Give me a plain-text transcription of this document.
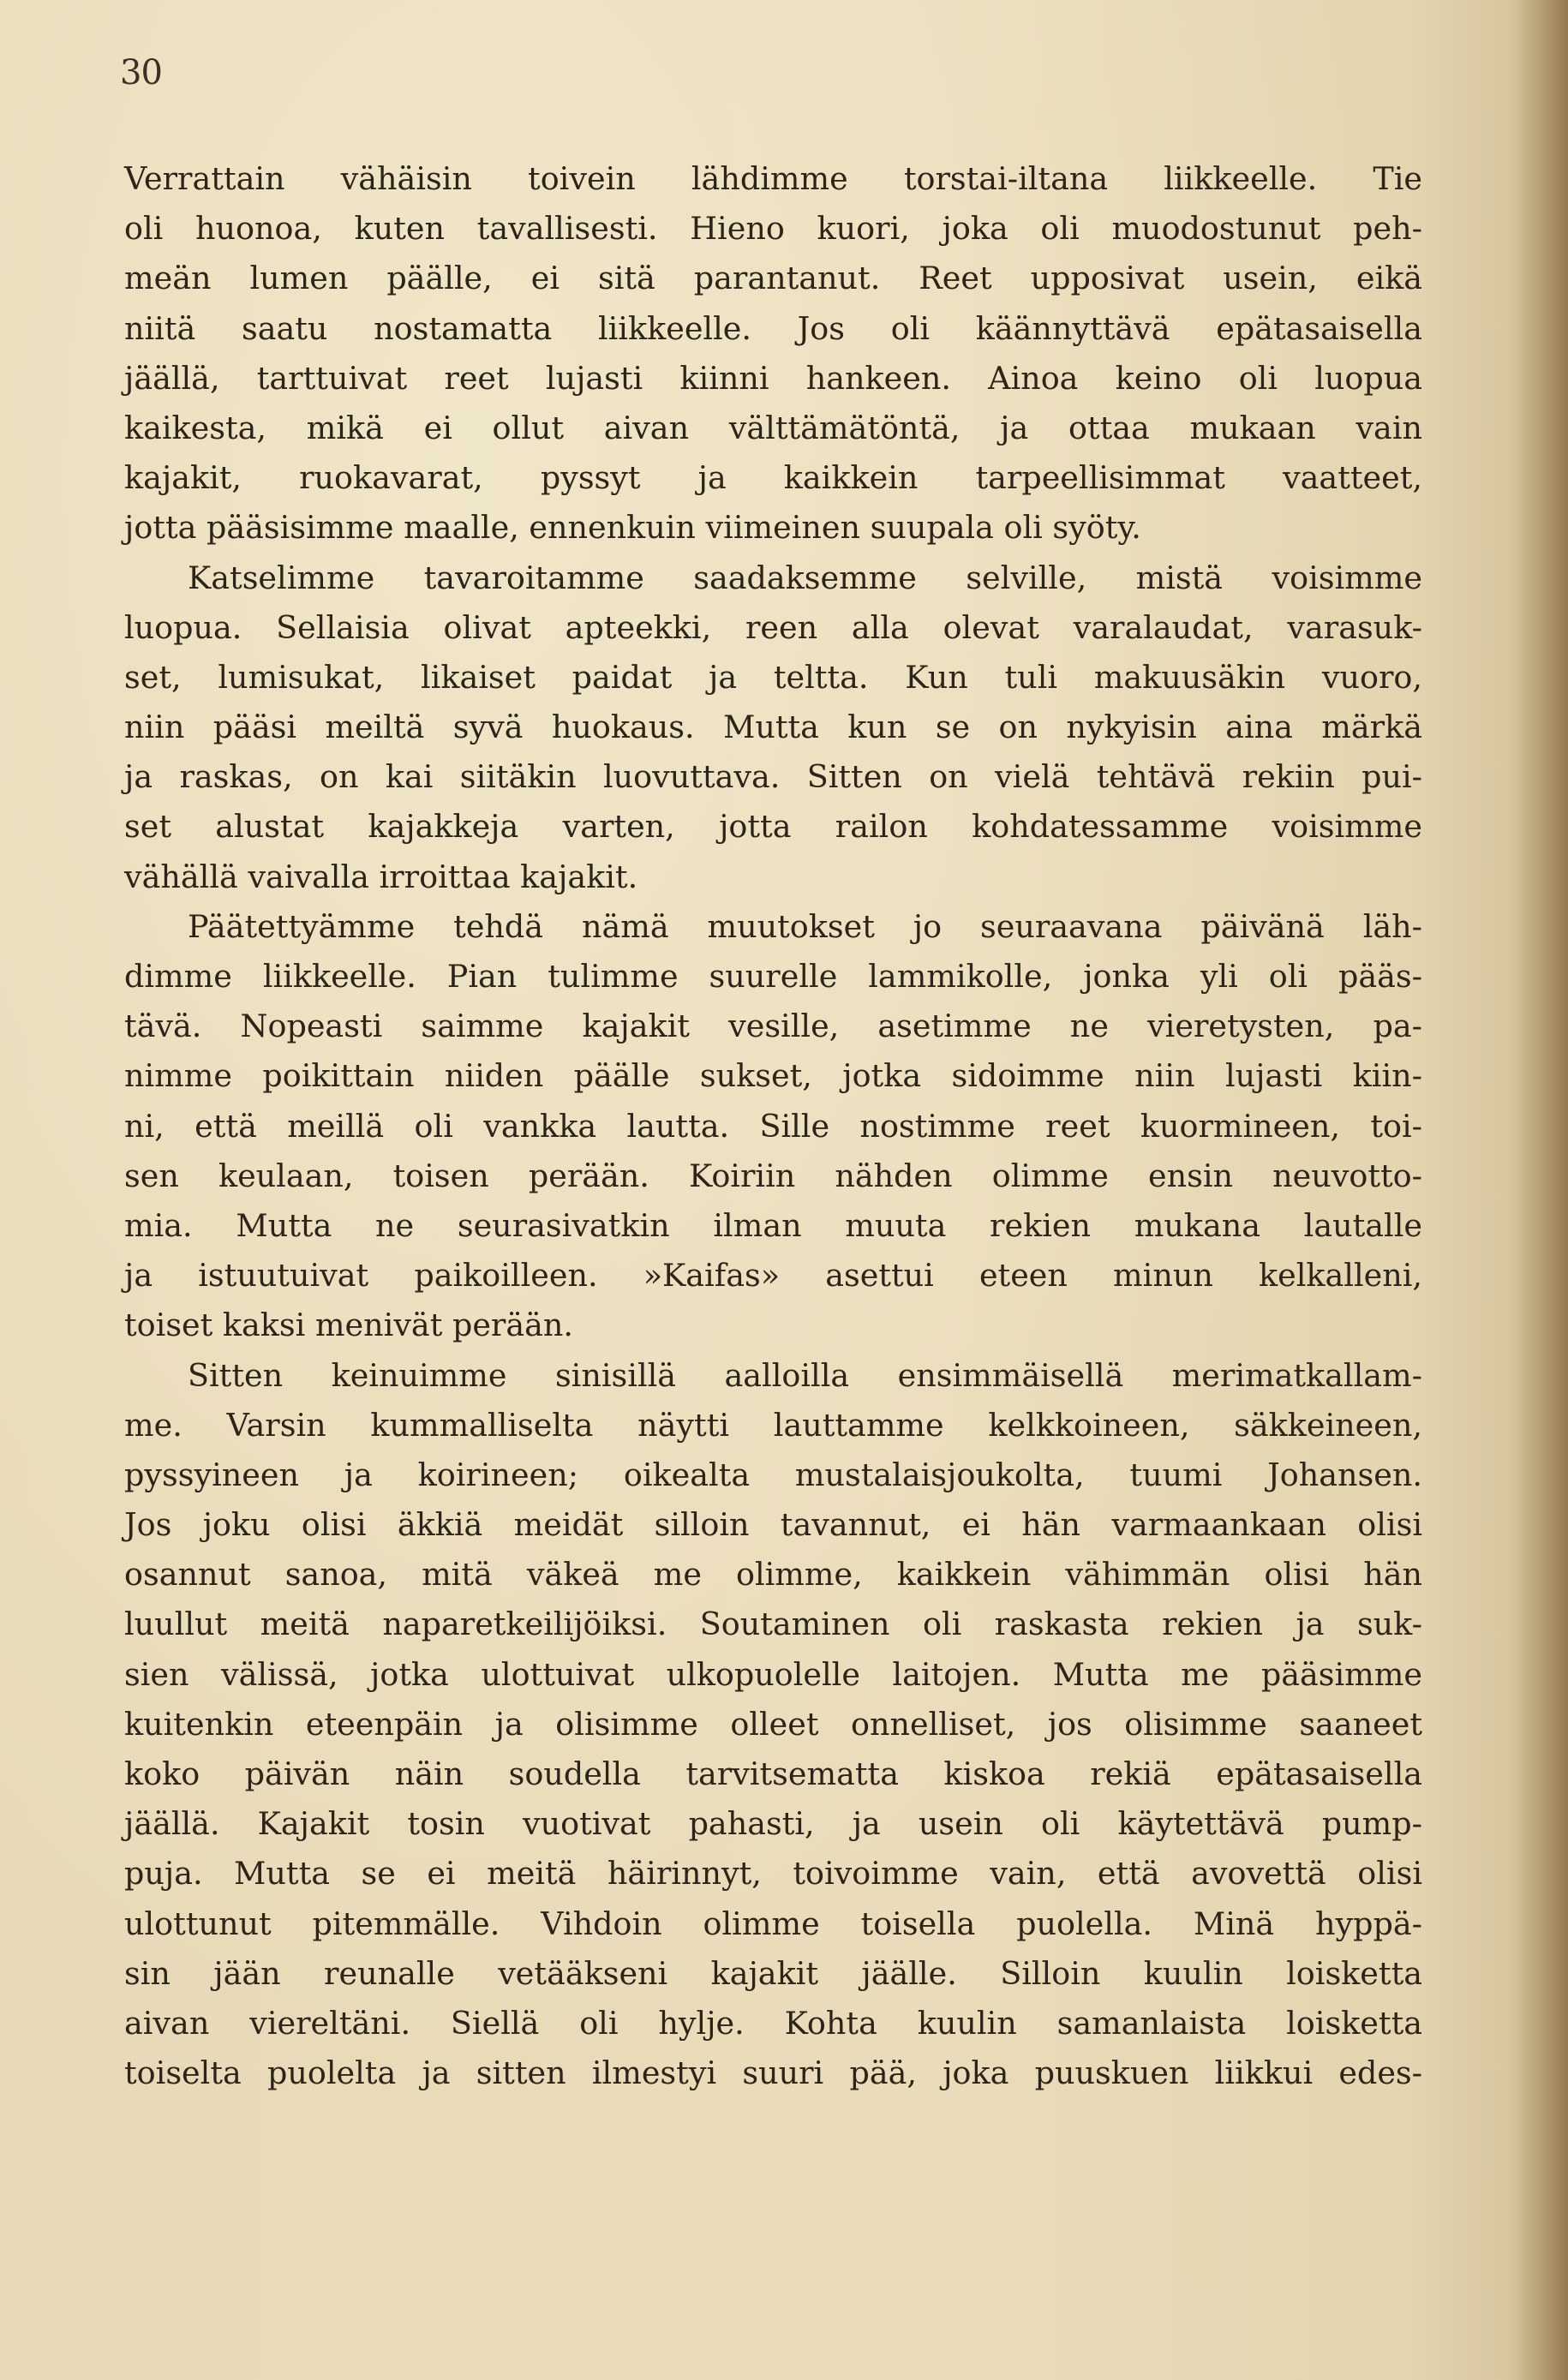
30
Verrattain vähäisin toivein lähdimme torstai-iltana liikkeelle. Tie
oli huonoa, kuten tavallisesti. Hieno kuori, joka oli muodostunut peh-
meän lumen päälle, ei sitä parantanut. Reet upposivat usein, eikä
niitä saatu nostamatta liikkeelle. Jos oli käännyttävä epätasaisella
jäällä, tarttuivat reet lujasti kiinni hankeen. Ainoa keino oli luopua
kaikesta, mikä ei ollut aivan välttämätöntä, ja ottaa mukaan vain
kajakit, ruokavarat, pyssyt ja kaikkein tarpeellisimmat vaatteet,
jotta pääsisimme maalle, ennenkuin viimeinen suupala oli syöty.
Katselimme tavaroitamme saadaksemme selville, mistä voisimme
luopua. Sellaisia olivat apteekki, reen alla olevat varalaudat, varasuk-
set, lumisukat, likaiset paidat ja teltta. Kun tuli makuusäkin vuoro,
niin pääsi meiltä syvä huokaus. Mutta kun se on nykyisin aina märkä
ja raskas, on kai siitäkin luovuttava. Sitten on vielä tehtävä rekiin pui-
set alustat kajakkeja varten, jotta railon kohdatessamme voisimme
vähällä vaivalla irroittaa kajakit.
Päätettyämme tehdä nämä muutokset jo seuraavana päivänä läh-
dimme liikkeelle. Pian tulimme suurelle lammikolle, jonka yli oli pääs-
tävä. Nopeasti saimme kajakit vesille, asetimme ne vieretysten, pa-
nimme poikittain niiden päälle sukset, jotka sidoimme niin lujasti kiin-
ni, että meillä oli vankka lautta. Sille nostimme reet kuormineen, toi-
sen keulaan, toisen perään. Koiriin nähden olimme ensin neuvotto-
mia. Mutta ne seurasivatkin ilman muuta rekien mukana lautalle
ja istuutuivat paikoilleen. »Kaifas» asettui eteen minun kelkalleni,
toiset kaksi menivät perään.
Sitten keinuimme sinisillä aalloilla ensimmäisellä merimatkallam-
me. Varsin kummalliselta näytti lauttamme kelkkoineen, säkkeineen,
pyssyineen ja koirineen; oikealta mustalaisjoukolta, tuumi Johansen.
Jos joku olisi äkkiä meidät silloin tavannut, ei hän varmaankaan olisi
osannut sanoa, mitä väkeä me olimme, kaikkein vähimmän olisi hän
luullut meitä naparetkeilijöiksi. Soutaminen oli raskasta rekien ja suk-
sien välissä, jotka ulottuivat ulkopuolelle laitojen. Mutta me pääsimme
kuitenkin eteenpäin ja olisimme olleet onnelliset, jos olisimme saaneet
koko päivän näin soudella tarvitsematta kiskoa rekiä epätasaisella
jäällä. Kajakit tosin vuotivat pahasti, ja usein oli käytettävä pump-
puja. Mutta se ei meitä häirinnyt, toivoimme vain, että avovettä olisi
ulottunut pitemmälle. Vihdoin olimme toisella puolella. Minä hyppä-
sin jään reunalle vetääkseni kajakit jäälle. Silloin kuulin loisketta
aivan viereltäni. Siellä oli hylje. Kohta kuulin samanlaista loisketta
toiselta puolelta ja sitten ilmestyi suuri pää, joka puuskuen liikkui edes-
